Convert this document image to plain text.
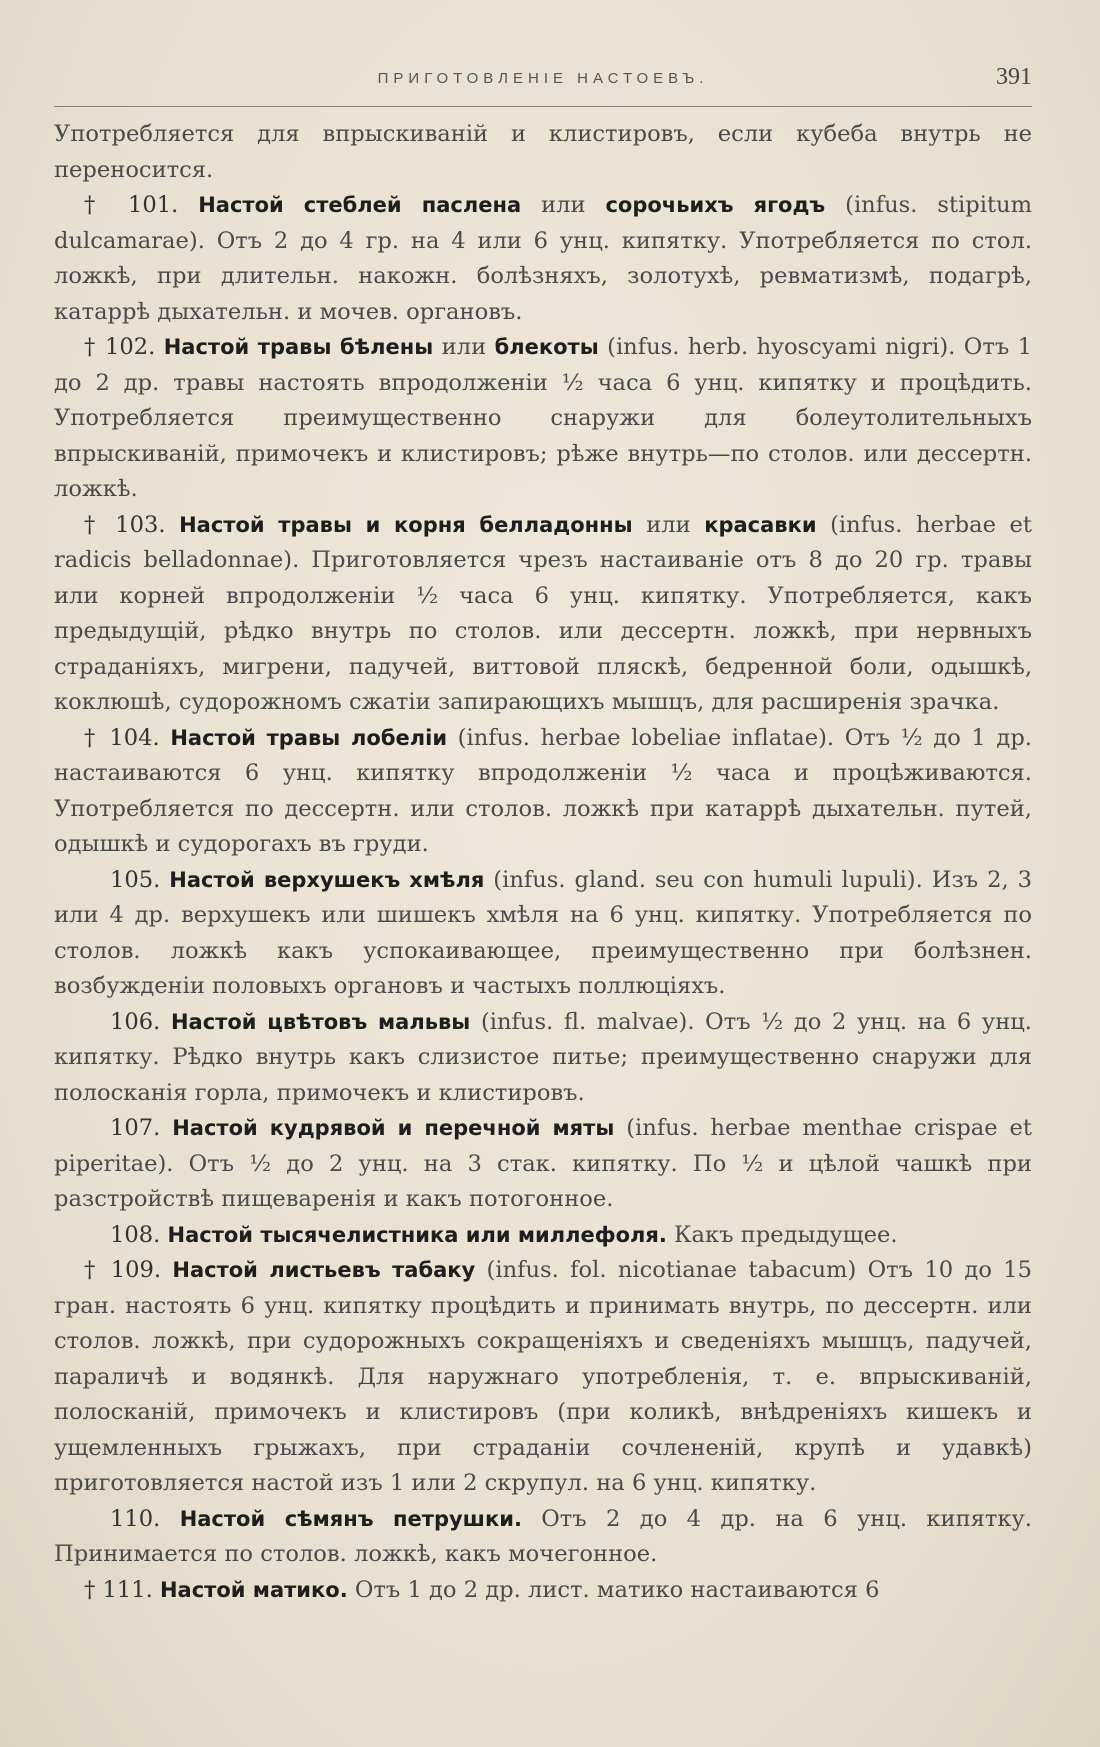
ПРИГОТОВЛЕНІЕ НАСТОЕВЪ.	391

Употребляется для впрыскиваній и клистировъ, если кубеба внутрь не переносится.

† 101. Настой стеблей паслена или сорочьихъ ягодъ (infus. stipitum dulcamarae). Отъ 2 до 4 гр. на 4 или 6 унц. кипятку. Употребляется по стол. ложкѣ, при длительн. накожн. болѣзняхъ, золотухѣ, ревматизмѣ, подагрѣ, катаррѣ дыхательн. и мочев. органовъ.

† 102. Настой травы бѣлены или блекоты (infus. herb. hyoscyami nigri). Отъ 1 до 2 др. травы настоять впродолженіи ½ часа 6 унц. кипятку и процѣдить. Употребляется преимущественно снаружи для болеутолительныхъ впрыскиваній, примочекъ и клистировъ; рѣже внутрь—по столов. или дессертн. ложкѣ.

† 103. Настой травы и корня белладонны или красавки (infus. herbae et radicis belladonnae). Приготовляется чрезъ настаиваніе отъ 8 до 20 гр. травы или корней впродолженіи ½ часа 6 унц. кипятку. Употребляется, какъ предыдущій, рѣдко внутрь по столов. или дессертн. ложкѣ, при нервныхъ страданіяхъ, мигрени, падучей, виттовой пляскѣ, бедренной боли, одышкѣ, коклюшѣ, судорожномъ сжатіи запирающихъ мышцъ, для расширенія зрачка.

† 104. Настой травы лобеліи (infus. herbae lobeliae inflatae). Отъ ½ до 1 др. настаиваются 6 унц. кипятку впродолженіи ½ часа и процѣживаются. Употребляется по дессертн. или столов. ложкѣ при катаррѣ дыхательн. путей, одышкѣ и судорогахъ въ груди.

105. Настой верхушекъ хмѣля (infus. gland. seu con humuli lupuli). Изъ 2, 3 или 4 др. верхушекъ или шишекъ хмѣля на 6 унц. кипятку. Употребляется по столов. ложкѣ какъ успокаивающее, преимущественно при болѣзнен. возбужденіи половыхъ органовъ и частыхъ поллюціяхъ.

106. Настой цвѣтовъ мальвы (infus. fl. malvae). Отъ ½ до 2 унц. на 6 унц. кипятку. Рѣдко внутрь какъ слизистое питье; преимущественно снаружи для полосканія горла, примочекъ и клистировъ.

107. Настой кудрявой и перечной мяты (infus. herbae menthae crispae et piperitae). Отъ ½ до 2 унц. на 3 стак. кипятку. По ½ и цѣлой чашкѣ при разстройствѣ пищеваренія и какъ потогонное.

108. Настой тысячелистника или миллефоля. Какъ предыдущее.

† 109. Настой листьевъ табаку (infus. fol. nicotianae tabacum) Отъ 10 до 15 гран. настоять 6 унц. кипятку процѣдить и принимать внутрь, по дессертн. или столов. ложкѣ, при судорожныхъ сокращеніяхъ и сведеніяхъ мышцъ, падучей, параличѣ и водянкѣ. Для наружнаго употребленія, т. е. впрыскиваній, полосканій, примочекъ и клистировъ (при коликѣ, внѣдреніяхъ кишекъ и ущемленныхъ грыжахъ, при страданіи сочлененій, крупѣ и удавкѣ) приготовляется настой изъ 1 или 2 скрупул. на 6 унц. кипятку.

110. Настой сѣмянъ петрушки. Отъ 2 до 4 др. на 6 унц. кипятку. Принимается по столов. ложкѣ, какъ мочегонное.

† 111. Настой матико. Отъ 1 до 2 др. лист. матико настаиваются 6
